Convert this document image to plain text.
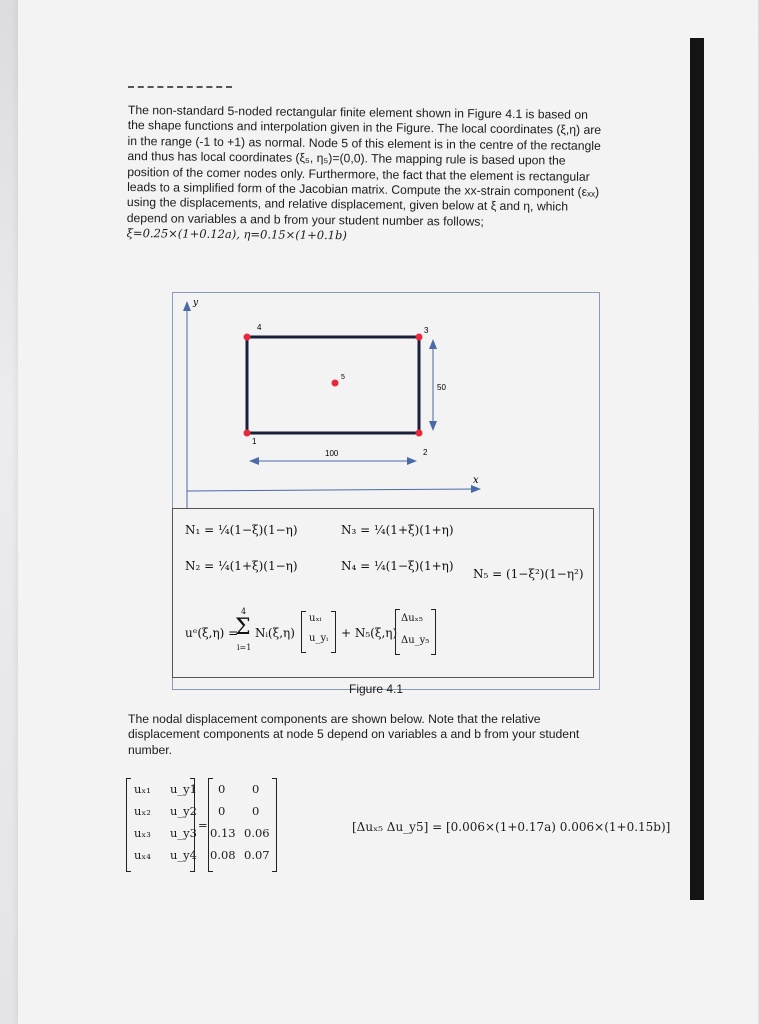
The non-standard 5-noded rectangular finite element shown in Figure 4.1 is based on
the shape functions and interpolation given in the Figure. The local coordinates (ξ,η) are
in the range (-1 to +1) as normal. Node 5 of this element is in the centre of the rectangle
and thus has local coordinates (ξ₅, η₅)=(0,0). The mapping rule is based upon the
position of the comer nodes only. Furthermore, the fact that the element is rectangular
leads to a simplified form of the Jacobian matrix. Compute the xx-strain component (εₓₓ)
using the displacements, and relative displacement, given below at ξ and η, which
depend on variables a and b from your student number as follows;
ξ=0.25×(1+0.12a), η=0.15×(1+0.1b)
y
x
1
2
3
4
5
100
50
N₁ = ¼(1−ξ)(1−η)
N₂ = ¼(1+ξ)(1−η)
N₃ = ¼(1+ξ)(1+η)
N₄ = ¼(1−ξ)(1+η)
N₅ = (1−ξ²)(1−η²)
uᵉ(ξ,η) =
4
Σ
i=1
Nᵢ(ξ,η)
uₓᵢ
u_yᵢ + N₅(ξ,η)
Δuₓ₅
Δu_y₅
Figure 4.1
The nodal displacement components are shown below. Note that the relative
displacement components at node 5 depend on variables a and b from your student
number.
uₓ₁ u_y1
uₓ₂ u_y2
uₓ₃ u_y3
uₓ₄ u_y4
=
0 0
0 0
0.13 0.06
0.08 0.07
[Δuₓ₅ Δu_y5] = [0.006×(1+0.17a) 0.006×(1+0.15b)]
